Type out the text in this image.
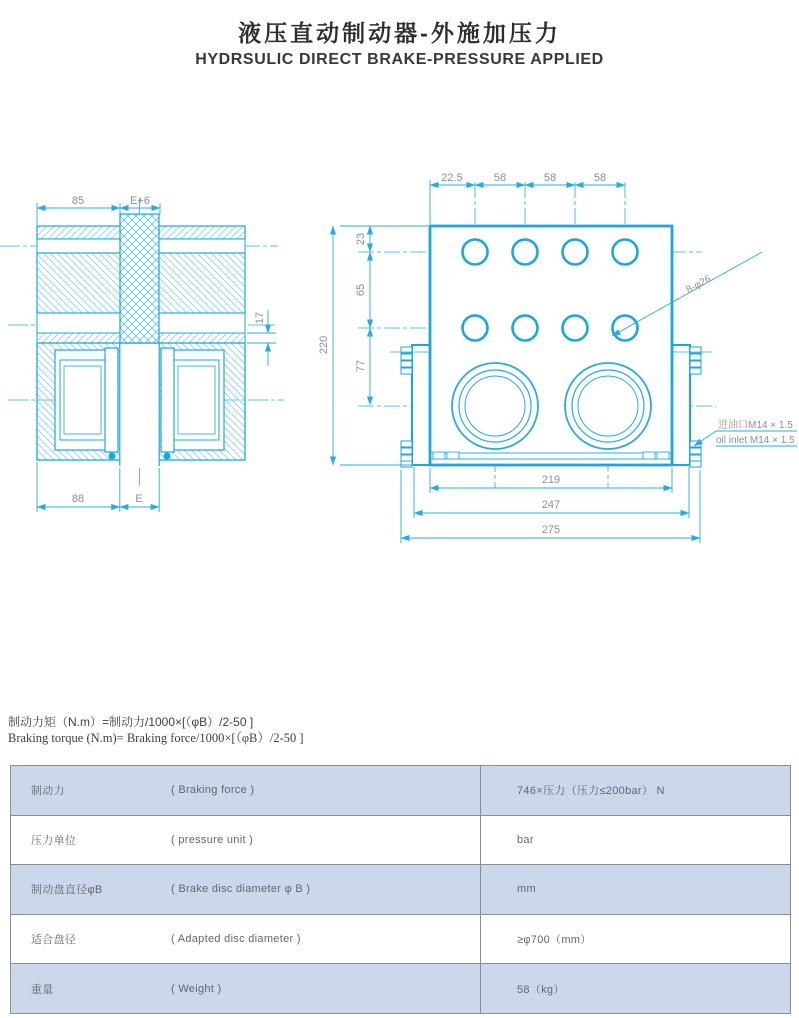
液压直动制动器-外施加压力
HYDRSULIC DIRECT BRAKE-PRESSURE APPLIED
85	E+6
17
88	E
22.5	58	58	58
23
65
77
220
8-φ26
219
247
275
进油口M14 × 1.5
oil inlet M14 × 1.5
制动力矩（N.m）=制动力/1000×[（φB）/2-50 ]
Braking torque (N.m)= Braking force/1000×[（φB）/2-50 ]
制动力	( Braking force )	746×压力（压力≤200bar） N
压力单位	( pressure unit )	bar
制动盘直径φB	( Brake disc diameter φ B )	mm
适合盘径	( Adapted disc diameter )	≥φ700（mm）
重量	( Weight )	58（kg）
